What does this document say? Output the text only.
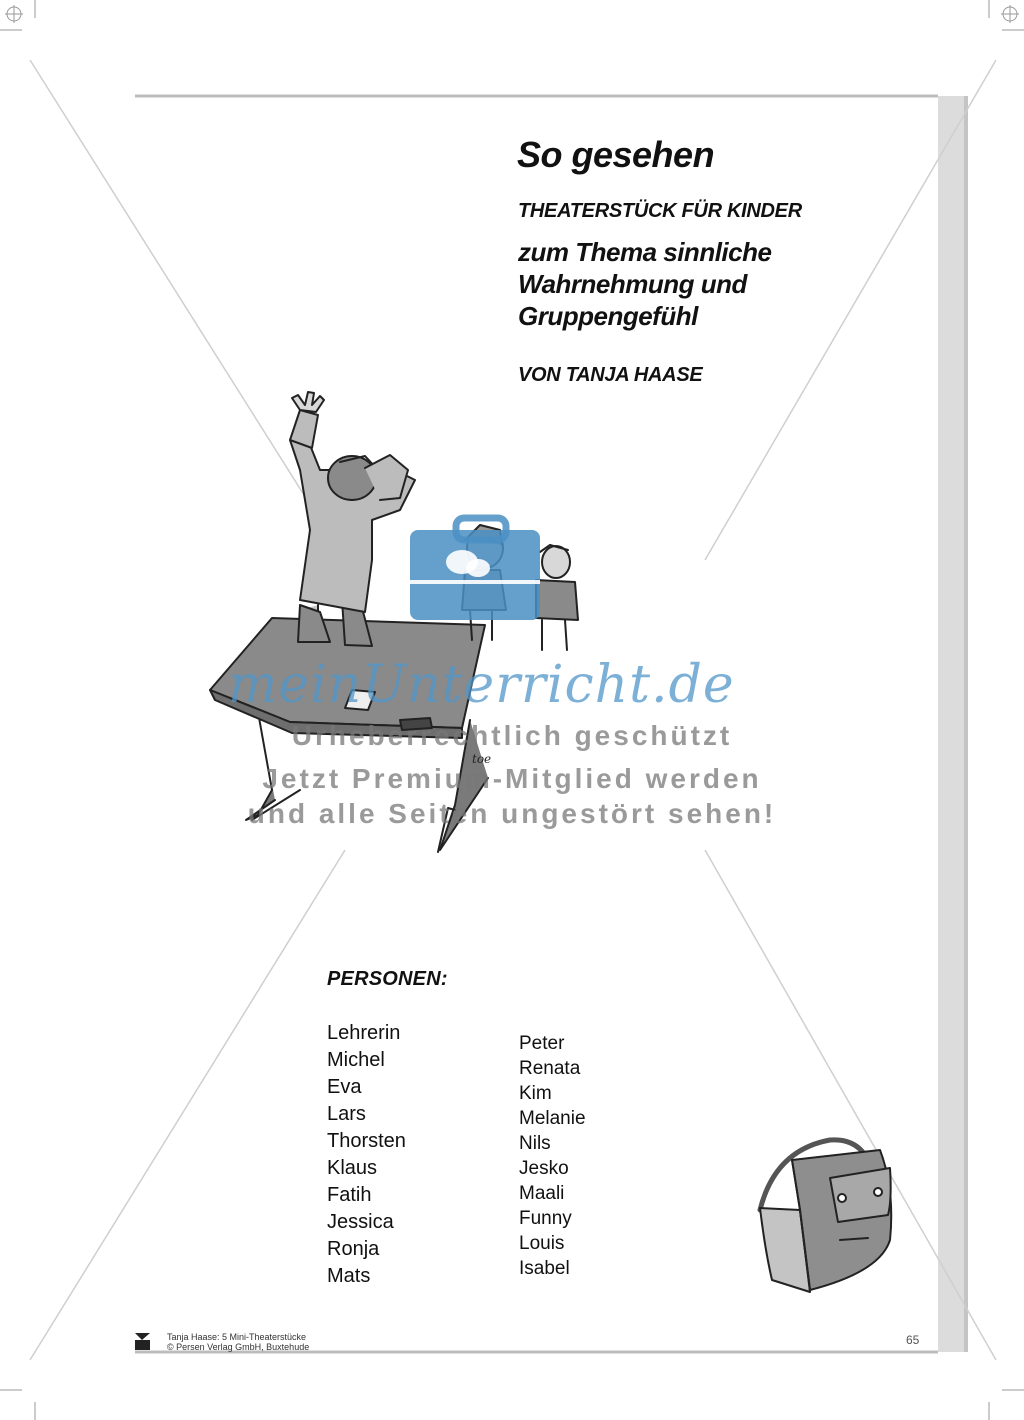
So gesehen
THEATERSTÜCK FÜR KINDER
zum Thema sinnliche
Wahrnehmung und
Gruppengefühl
VON TANJA HAASE
toe
meinUnterricht.de
Urheberrechtlich geschützt
Jetzt Premium-Mitglied werden
und alle Seiten ungestört sehen!
PERSONEN:
Lehrerin
Michel
Eva
Lars
Thorsten
Klaus
Fatih
Jessica
Ronja
Mats
Peter
Renata
Kim
Melanie
Nils
Jesko
Maali
Funny
Louis
Isabel
Tanja Haase: 5 Mini-Theaterstücke
© Persen Verlag GmbH, Buxtehude	65
